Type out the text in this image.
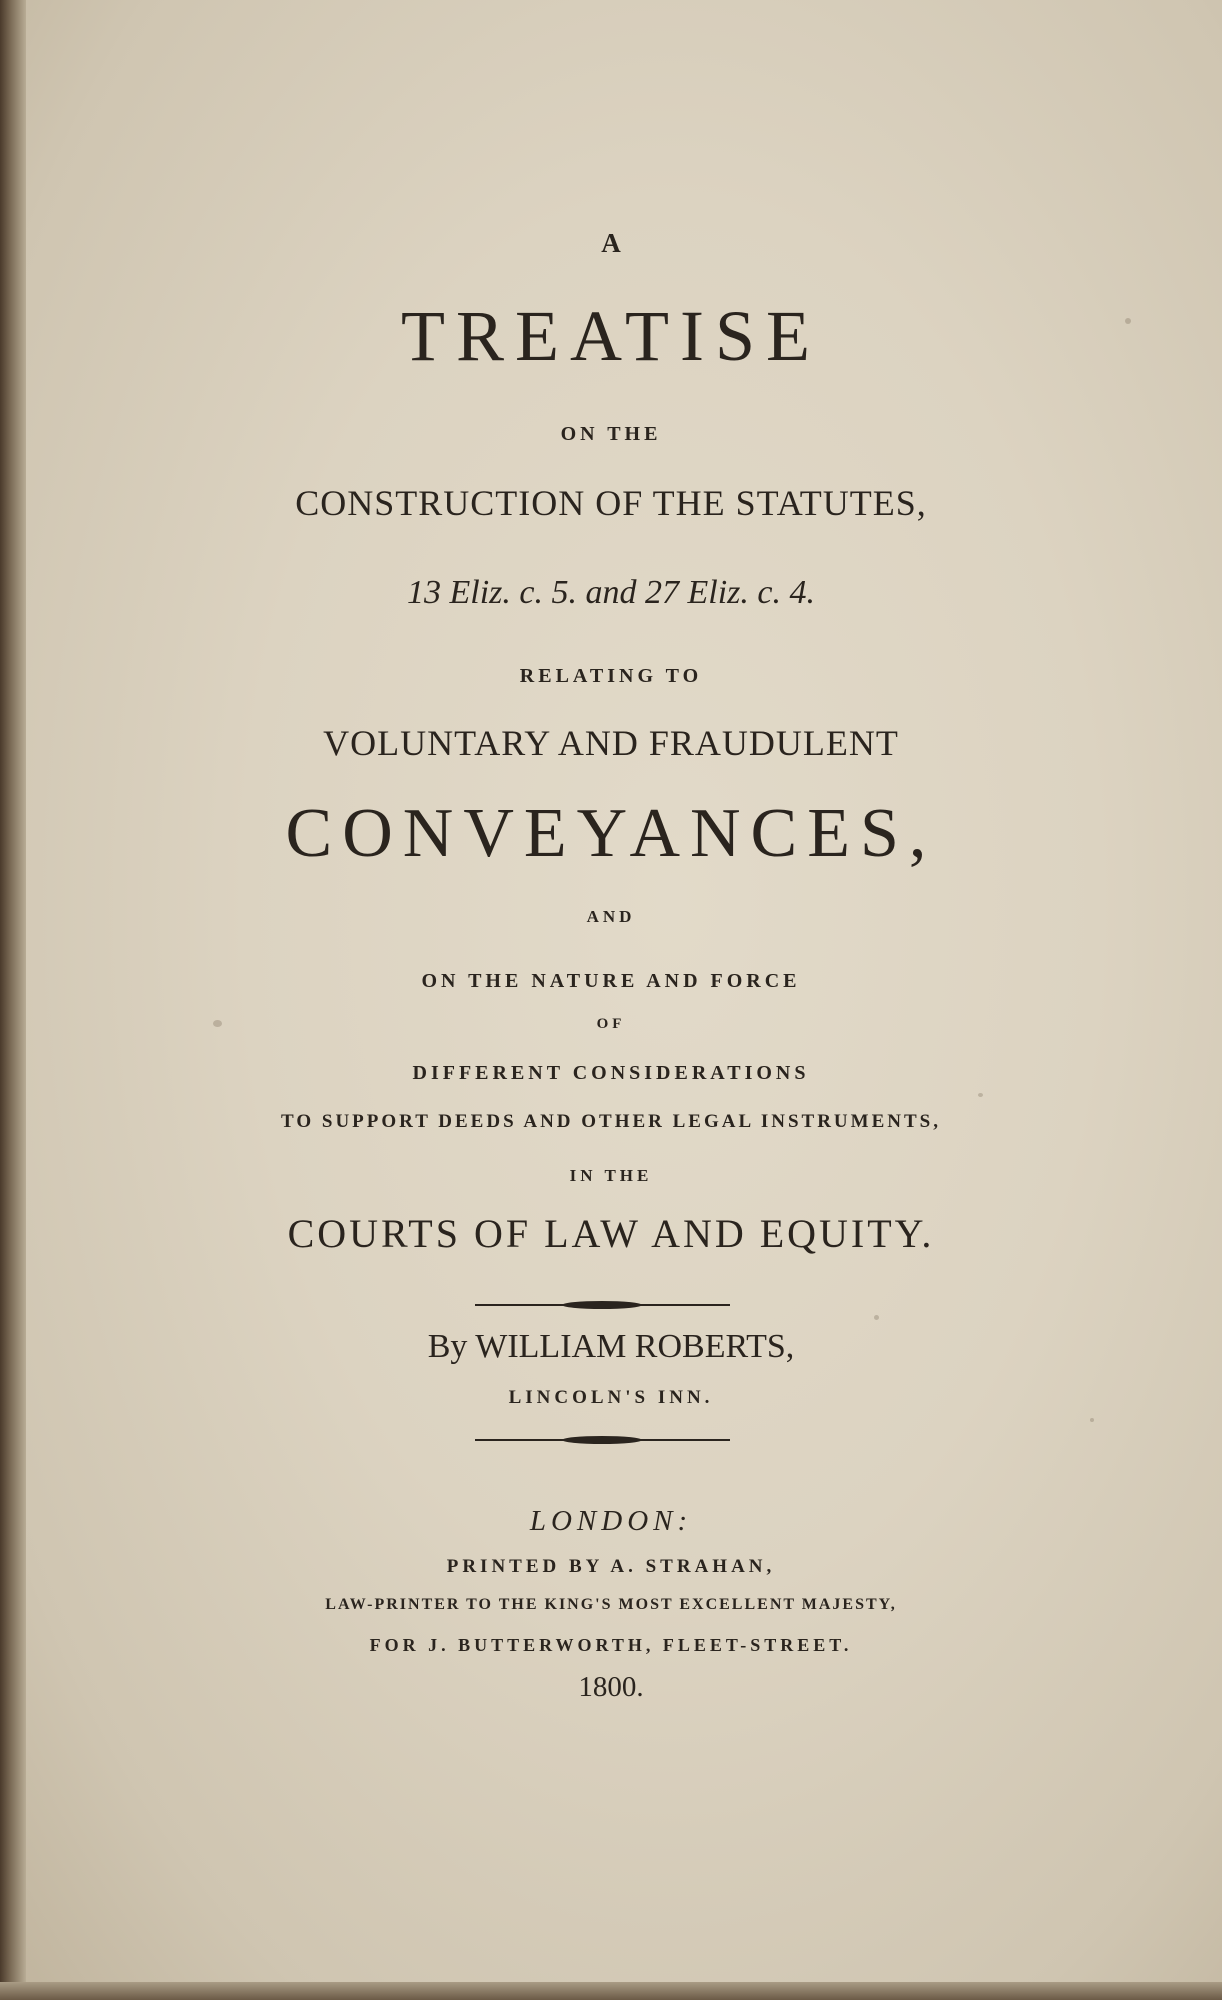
A

TREATISE

ON THE

CONSTRUCTION OF THE STATUTES,

13 Eliz. c. 5. and 27 Eliz. c. 4.

RELATING TO

VOLUNTARY AND FRAUDULENT

CONVEYANCES,

AND

ON THE NATURE AND FORCE

OF

DIFFERENT CONSIDERATIONS

TO SUPPORT DEEDS AND OTHER LEGAL INSTRUMENTS,

IN THE

COURTS OF LAW AND EQUITY.

By WILLIAM ROBERTS,

LINCOLN'S INN.

LONDON:

PRINTED BY A. STRAHAN,

LAW-PRINTER TO THE KING'S MOST EXCELLENT MAJESTY,

FOR J. BUTTERWORTH, FLEET-STREET.

1800.
